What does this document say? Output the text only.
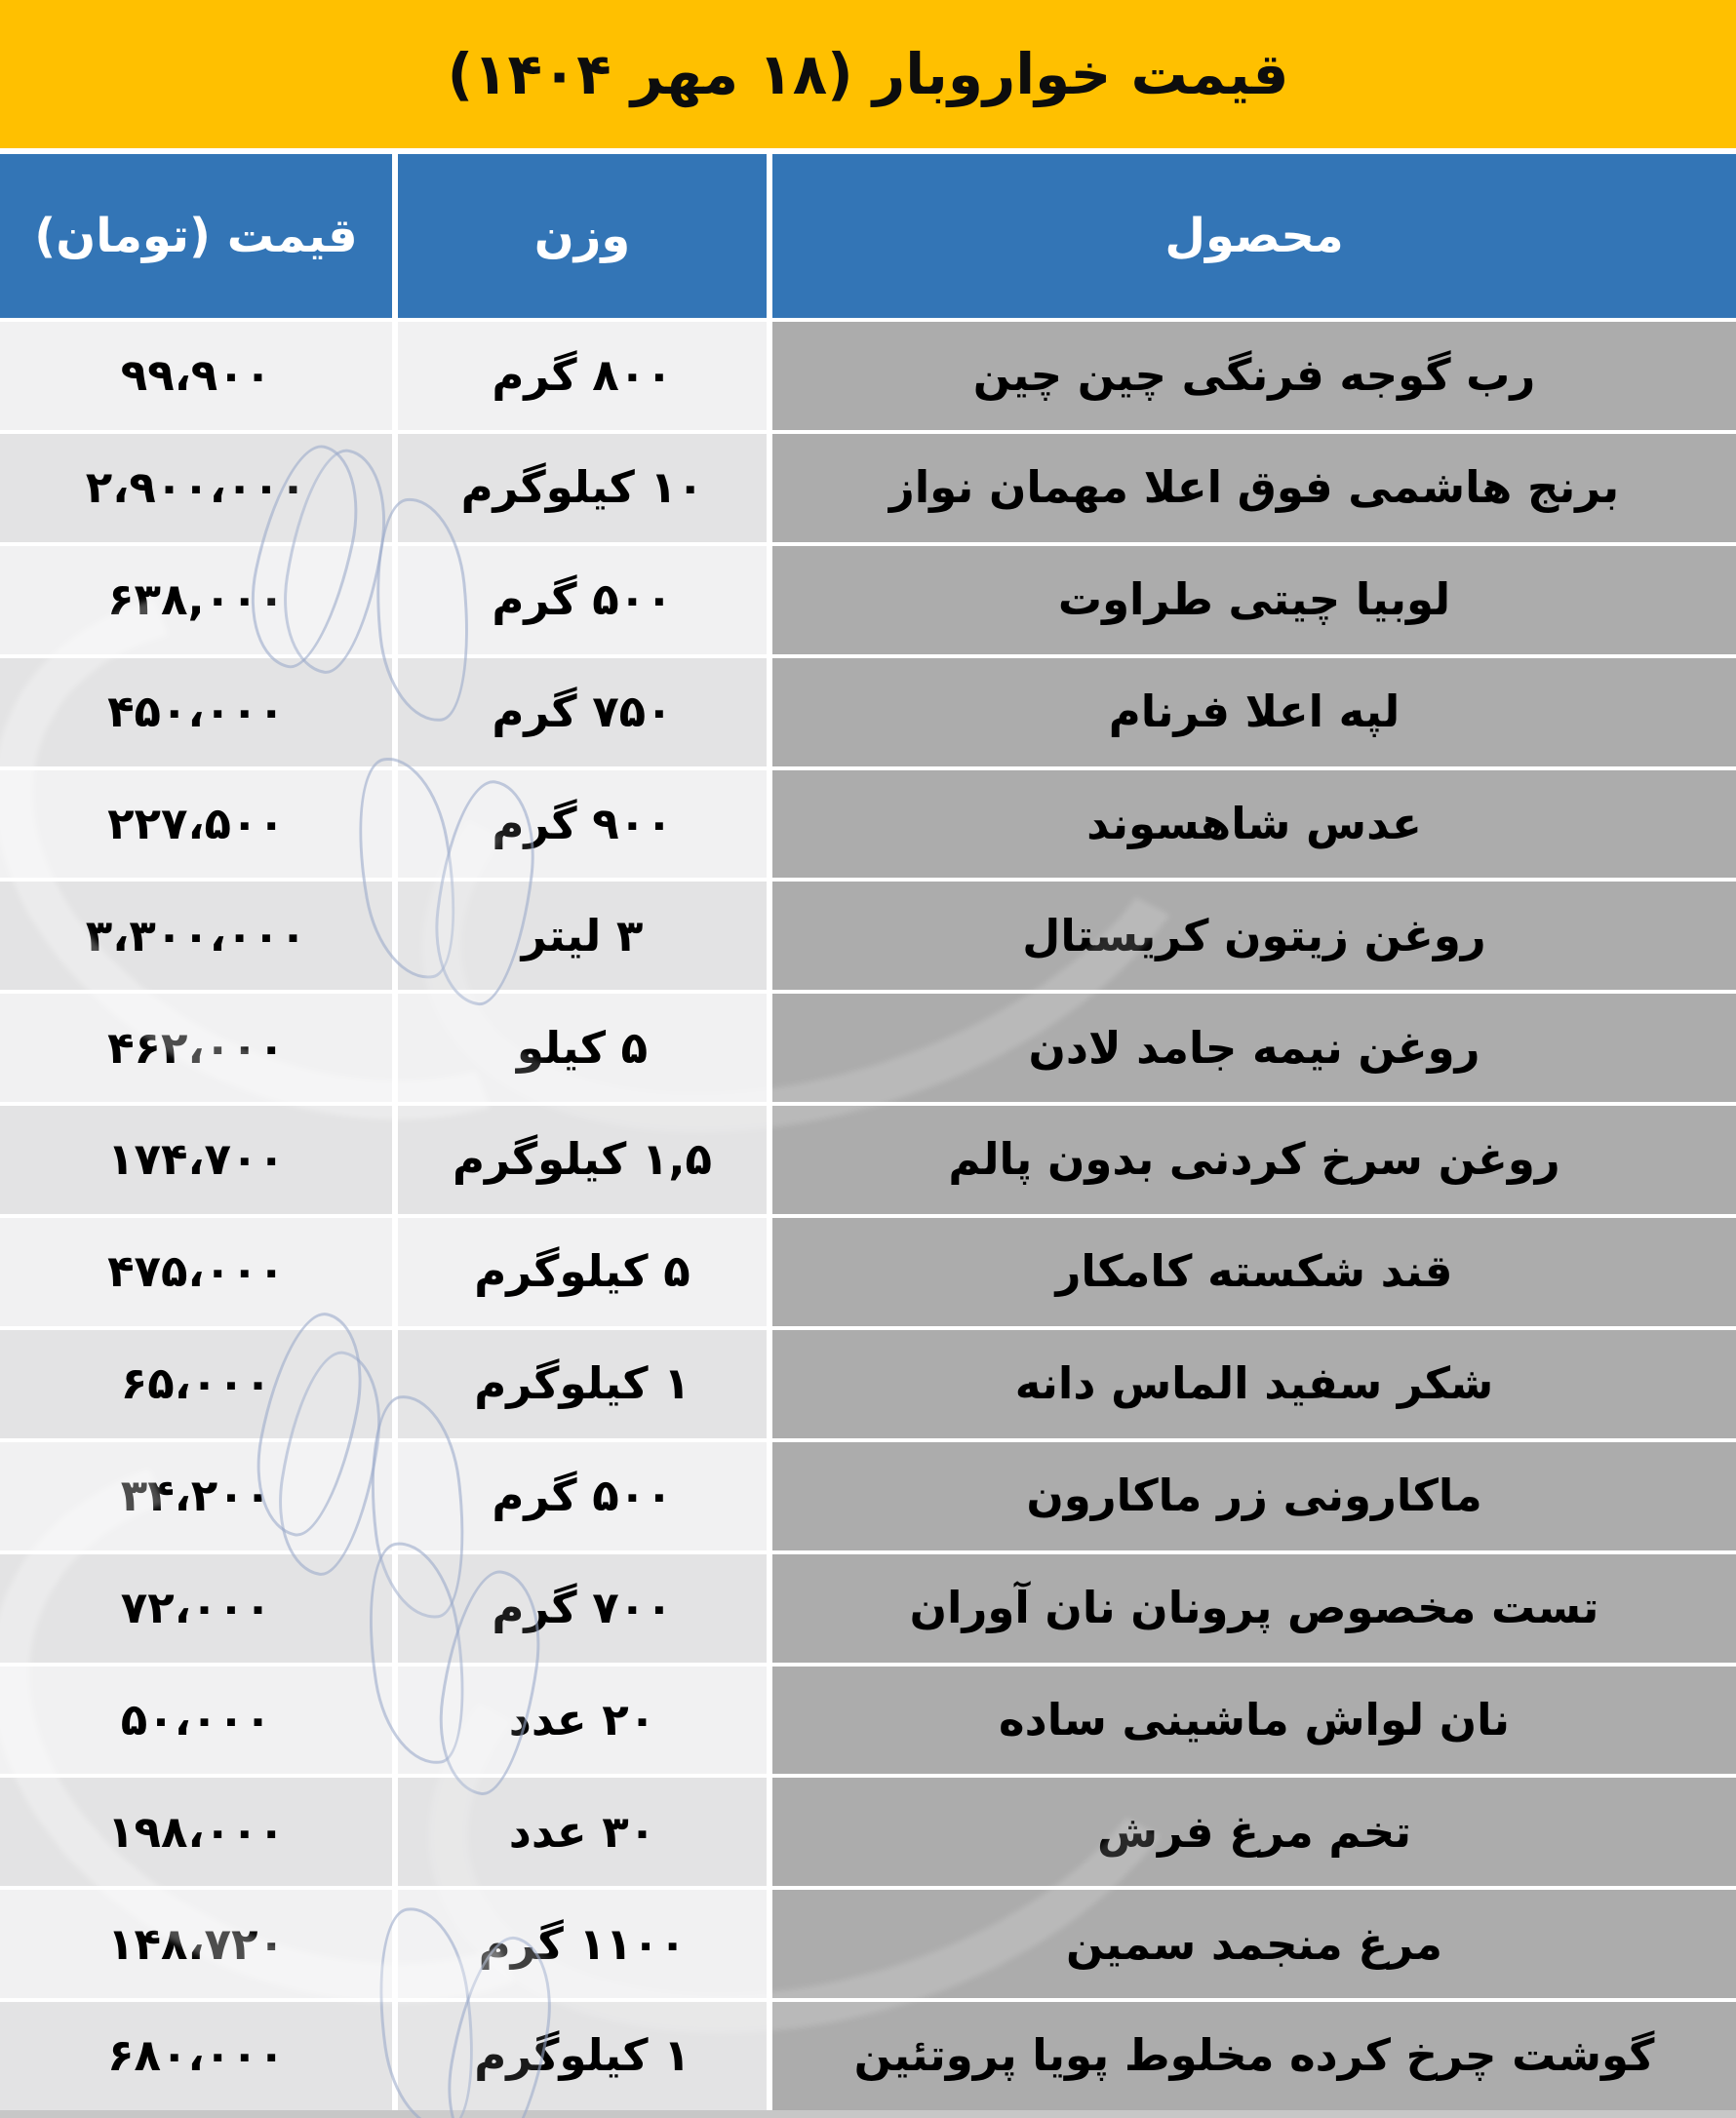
قیمت خواروبار (۱۸ مهر ۱۴۰۴)
محصول
وزن
قیمت (تومان)
رب گوجه فرنگی چین چین
۸۰۰ گرم
۹۹،۹۰۰
برنج هاشمی فوق اعلا مهمان نواز
۱۰ کیلوگرم
۲،۹۰۰،۰۰۰
لوبیا چیتی طراوت
۵۰۰ گرم
۶۳۸,۰۰۰
لپه اعلا فرنام
۷۵۰ گرم
۴۵۰،۰۰۰
عدس شاهسوند
۹۰۰ گرم
۲۲۷،۵۰۰
روغن زیتون کریستال
۳ لیتر
۳،۳۰۰،۰۰۰
روغن نیمه جامد لادن
۵ کیلو
۴۶۲،۰۰۰
روغن سرخ کردنی بدون پالم
۱,۵ کیلوگرم
۱۷۴،۷۰۰
قند شکسته کامکار
۵ کیلوگرم
۴۷۵،۰۰۰
شکر سفید الماس دانه
۱ کیلوگرم
۶۵،۰۰۰
ماکارونی زر ماکارون
۵۰۰ گرم
۳۴،۲۰۰
تست مخصوص پرونان نان آوران
۷۰۰ گرم
۷۲،۰۰۰
نان لواش ماشینی ساده
۲۰ عدد
۵۰،۰۰۰
تخم مرغ فرش
۳۰ عدد
۱۹۸،۰۰۰
مرغ منجمد سمین
۱۱۰۰ گرم
۱۴۸،۷۲۰
گوشت چرخ کرده مخلوط پویا پروتئین
۱ کیلوگرم
۶۸۰،۰۰۰
